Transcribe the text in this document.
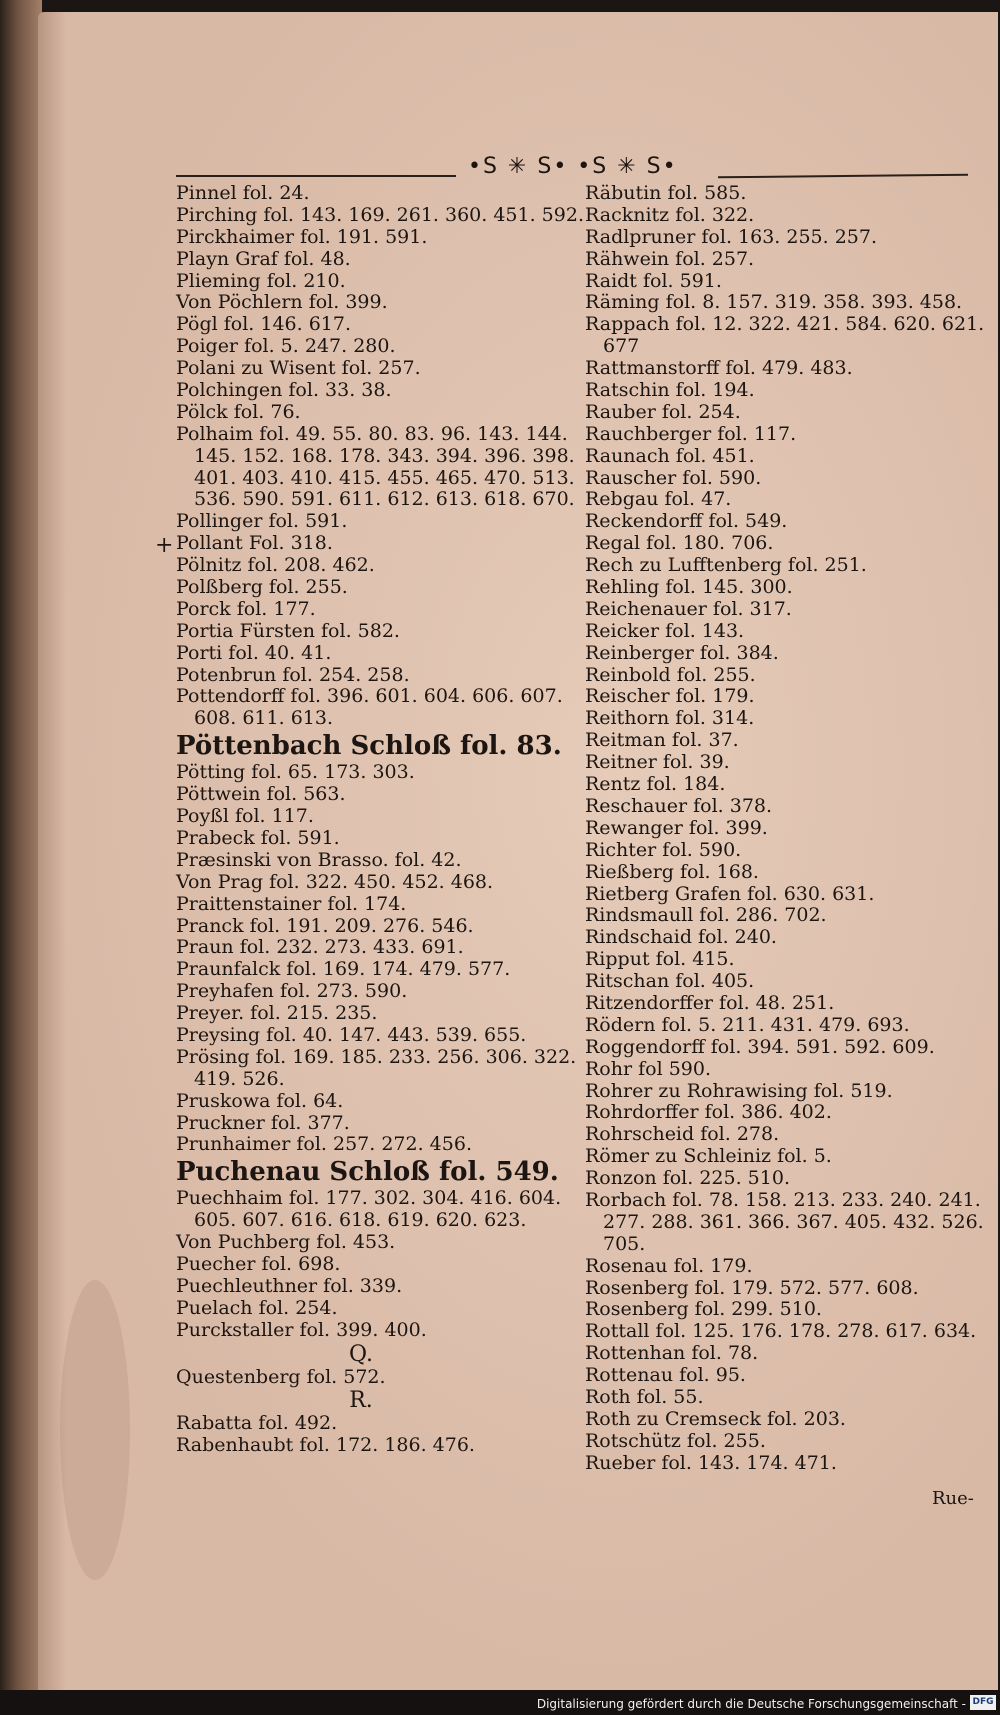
•S ✳ S• •S ✳ S•
+
Pinnel fol. 24.
Pirching fol. 143. 169. 261. 360. 451. 592.
Pirckhaimer fol. 191. 591.
Playn Graf fol. 48.
Plieming fol. 210.
Von Pöchlern fol. 399.
Pögl fol. 146. 617.
Poiger fol. 5. 247. 280.
Polani zu Wisent fol. 257.
Polchingen fol. 33. 38.
Pölck fol. 76.
Polhaim fol. 49. 55. 80. 83. 96. 143. 144.
145. 152. 168. 178. 343. 394. 396. 398.
401. 403. 410. 415. 455. 465. 470. 513.
536. 590. 591. 611. 612. 613. 618. 670.
Pollinger fol. 591.
Pollant Fol. 318.
Pölnitz fol. 208. 462.
Polßberg fol. 255.
Porck fol. 177.
Portia Fürsten fol. 582.
Porti fol. 40. 41.
Potenbrun fol. 254. 258.
Pottendorff fol. 396. 601. 604. 606. 607.
608. 611. 613.
Pöttenbach Schloß fol. 83.
Pötting fol. 65. 173. 303.
Pöttwein fol. 563.
Poyßl fol. 117.
Prabeck fol. 591.
Præsinski von Brasso. fol. 42.
Von Prag fol. 322. 450. 452. 468.
Praittenstainer fol. 174.
Pranck fol. 191. 209. 276. 546.
Praun fol. 232. 273. 433. 691.
Praunfalck fol. 169. 174. 479. 577.
Preyhafen fol. 273. 590.
Preyer. fol. 215. 235.
Preysing fol. 40. 147. 443. 539. 655.
Prösing fol. 169. 185. 233. 256. 306. 322.
419. 526.
Pruskowa fol. 64.
Pruckner fol. 377.
Prunhaimer fol. 257. 272. 456.
Puchenau Schloß fol. 549.
Puechhaim fol. 177. 302. 304. 416. 604.
605. 607. 616. 618. 619. 620. 623.
Von Puchberg fol. 453.
Puecher fol. 698.
Puechleuthner fol. 339.
Puelach fol. 254.
Purckstaller fol. 399. 400.
Q.
Questenberg fol. 572.
R.
Rabatta fol. 492.
Rabenhaubt fol. 172. 186. 476.
Räbutin fol. 585.
Racknitz fol. 322.
Radlpruner fol. 163. 255. 257.
Rähwein fol. 257.
Raidt fol. 591.
Räming fol. 8. 157. 319. 358. 393. 458.
Rappach fol. 12. 322. 421. 584. 620. 621.
677
Rattmanstorff fol. 479. 483.
Ratschin fol. 194.
Rauber fol. 254.
Rauchberger fol. 117.
Raunach fol. 451.
Rauscher fol. 590.
Rebgau fol. 47.
Reckendorff fol. 549.
Regal fol. 180. 706.
Rech zu Lufftenberg fol. 251.
Rehling fol. 145. 300.
Reichenauer fol. 317.
Reicker fol. 143.
Reinberger fol. 384.
Reinbold fol. 255.
Reischer fol. 179.
Reithorn fol. 314.
Reitman fol. 37.
Reitner fol. 39.
Rentz fol. 184.
Reschauer fol. 378.
Rewanger fol. 399.
Richter fol. 590.
Rießberg fol. 168.
Rietberg Grafen fol. 630. 631.
Rindsmaull fol. 286. 702.
Rindschaid fol. 240.
Ripput fol. 415.
Ritschan fol. 405.
Ritzendorffer fol. 48. 251.
Rödern fol. 5. 211. 431. 479. 693.
Roggendorff fol. 394. 591. 592. 609.
Rohr fol 590.
Rohrer zu Rohrawising fol. 519.
Rohrdorffer fol. 386. 402.
Rohrscheid fol. 278.
Römer zu Schleiniz fol. 5.
Ronzon fol. 225. 510.
Rorbach fol. 78. 158. 213. 233. 240. 241.
277. 288. 361. 366. 367. 405. 432. 526.
705.
Rosenau fol. 179.
Rosenberg fol. 179. 572. 577. 608.
Rosenberg fol. 299. 510.
Rottall fol. 125. 176. 178. 278. 617. 634.
Rottenhan fol. 78.
Rottenau fol. 95.
Roth fol. 55.
Roth zu Cremseck fol. 203.
Rotschütz fol. 255.
Rueber fol. 143. 174. 471.
Rue-
Digitalisierung gefördert durch die Deutsche Forschungsgemeinschaft - DFG
